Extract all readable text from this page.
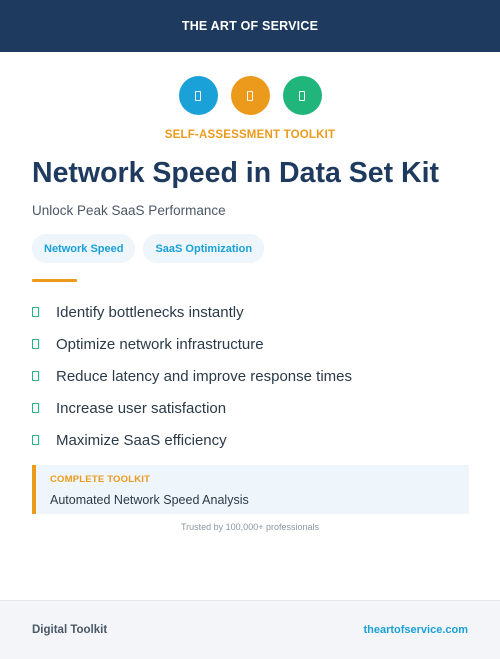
THE ART OF SERVICE
SELF-ASSESSMENT TOOLKIT
Network Speed in Data Set Kit
Unlock Peak SaaS Performance
Network Speed	SaaS Optimization
Identify bottlenecks instantly
Optimize network infrastructure
Reduce latency and improve response times
Increase user satisfaction
Maximize SaaS efficiency
COMPLETE TOOLKIT
Automated Network Speed Analysis
Trusted by 100,000+ professionals
Digital Toolkit	theartofservice.com
